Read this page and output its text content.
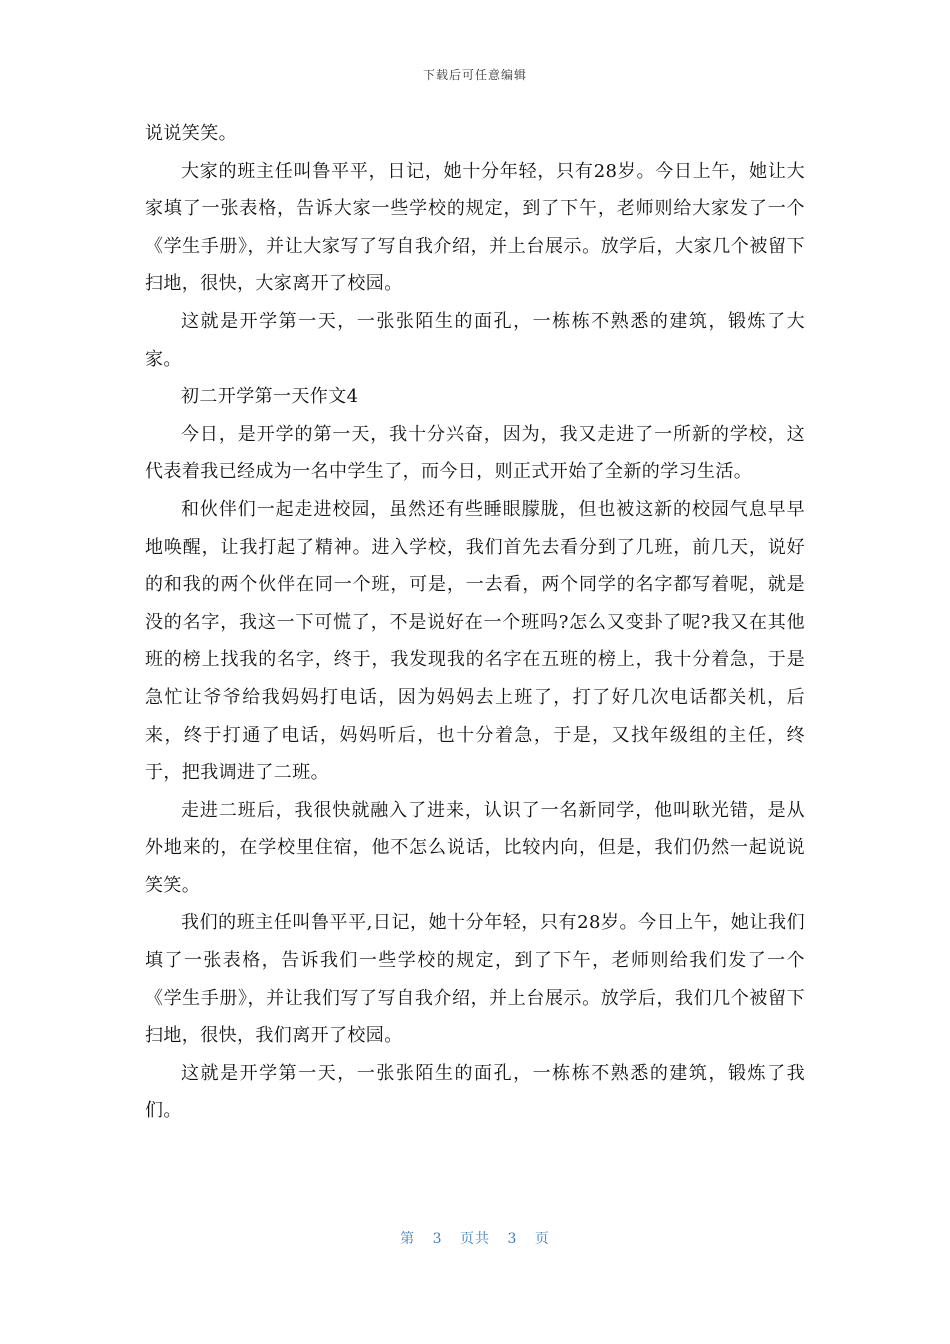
下载后可任意编辑

说说笑笑。

大家的班主任叫鲁平平，日记，她十分年轻，只有28岁。今日上午，她让大家填了一张表格，告诉大家一些学校的规定，到了下午，老师则给大家发了一个《学生手册》，并让大家写了写自我介绍，并上台展示。放学后，大家几个被留下扫地，很快，大家离开了校园。

这就是开学第一天，一张张陌生的面孔，一栋栋不熟悉的建筑，锻炼了大家。

初二开学第一天作文4

今日，是开学的第一天，我十分兴奋，因为，我又走进了一所新的学校，这代表着我已经成为一名中学生了，而今日，则正式开始了全新的学习生活。

和伙伴们一起走进校园，虽然还有些睡眼朦胧，但也被这新的校园气息早早地唤醒，让我打起了精神。进入学校，我们首先去看分到了几班，前几天，说好的和我的两个伙伴在同一个班，可是，一去看，两个同学的名字都写着呢，就是没的名字，我这一下可慌了，不是说好在一个班吗?怎么又变卦了呢?我又在其他班的榜上找我的名字，终于，我发现我的名字在五班的榜上，我十分着急，于是急忙让爷爷给我妈妈打电话，因为妈妈去上班了，打了好几次电话都关机，后来，终于打通了电话，妈妈听后，也十分着急，于是，又找年级组的主任，终于，把我调进了二班。

走进二班后，我很快就融入了进来，认识了一名新同学，他叫耿光错，是从外地来的，在学校里住宿，他不怎么说话，比较内向，但是，我们仍然一起说说笑笑。

我们的班主任叫鲁平平,日记，她十分年轻，只有28岁。今日上午，她让我们填了一张表格，告诉我们一些学校的规定，到了下午，老师则给我们发了一个《学生手册》，并让我们写了写自我介绍，并上台展示。放学后，我们几个被留下扫地，很快，我们离开了校园。

这就是开学第一天，一张张陌生的面孔，一栋栋不熟悉的建筑，锻炼了我们。

第 3 页共 3 页
